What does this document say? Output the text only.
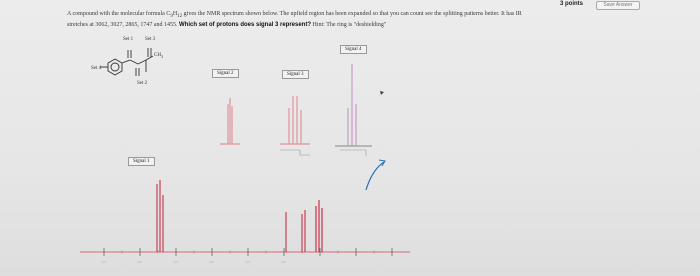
3 points	Save Answer
A compound with the molecular formula $C_9H_{12}$ gives the NMR spectrum shown below. The upfield region has been expanded so that you can count see the splitting patterns better. It has IR
stretches at 3062, 3027, 2865, 1747 and 1455. Which set of protons does signal 3 represent? Hint: The ring is "deshielding"
Set 1 Set 3
Set 4
Set 2
$CH_3$
Signal 1
Signal 2	Signal 3
Signal 4
